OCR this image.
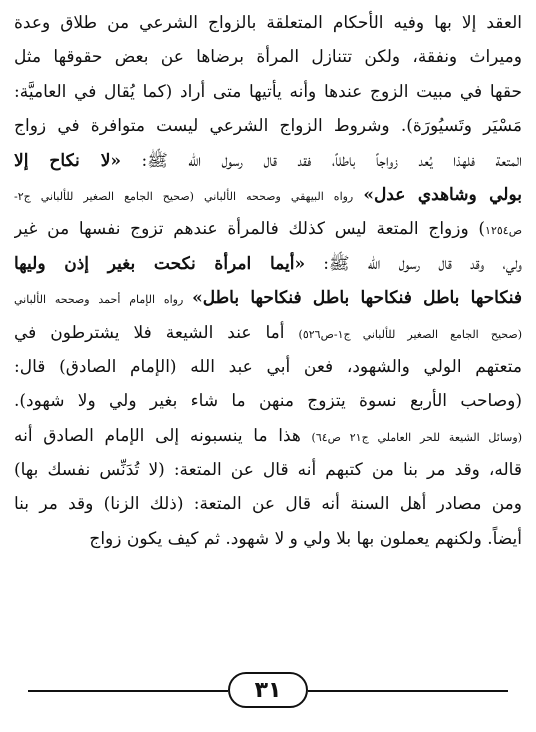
العقد إلا بها وفيه الأحكام المتعلقة بالزواج الشرعي من طلاق وعدة
وميراث ونفقة، ولكن تتنازل المرأة برضاها عن بعض حقوقها مثل
حقها في مبيت الزوج عندها وأنه يأتيها متى أراد (كما يُقال في العاميَّة:
مَسْيَر وتَسيُورَة). وشروط الزواج الشرعي ليست متوافرة في زواج
المتعة فلهذا يُعد زواجاً باطلاً، فقد قال رسول الله ﷺ: «لا نكاح إلا
بولي وشاهدي عدل» رواه البيهقي وصححه الألباني (صحيح الجامع الصغير للألباني ج٢-
ص١٢٥٤) وزواج المتعة ليس كذلك فالمرأة عندهم تزوج نفسها من غير
ولي، وقد قال رسول الله ﷺ: «أيما امرأة نكحت بغير إذن وليها
فنكاحها باطل فنكاحها باطل فنكاحها باطل» رواه الإمام أحمد وصححه الألباني
(صحيح الجامع الصغير للألباني ج١-ص٥٢٦) أما عند الشيعة فلا يشترطون في
متعتهم الولي والشهود، فعن أبي عبد الله (الإمام الصادق) قال:
(وصاحب الأربع نسوة يتزوج منهن ما شاء بغير ولي ولا شهود).
(وسائل الشيعة للحر العاملي ج٢١ ص٦٤) هذا ما ينسبونه إلى الإمام الصادق أنه
قاله، وقد مر بنا من كتبهم أنه قال عن المتعة: (لا تُدَنِّس نفسك بها)
ومن مصادر أهل السنة أنه قال عن المتعة: (ذلك الزنا) وقد مر بنا
أيضاً. ولكنهم يعملون بها بلا ولي و لا شهود. ثم كيف يكون زواج
٣١
